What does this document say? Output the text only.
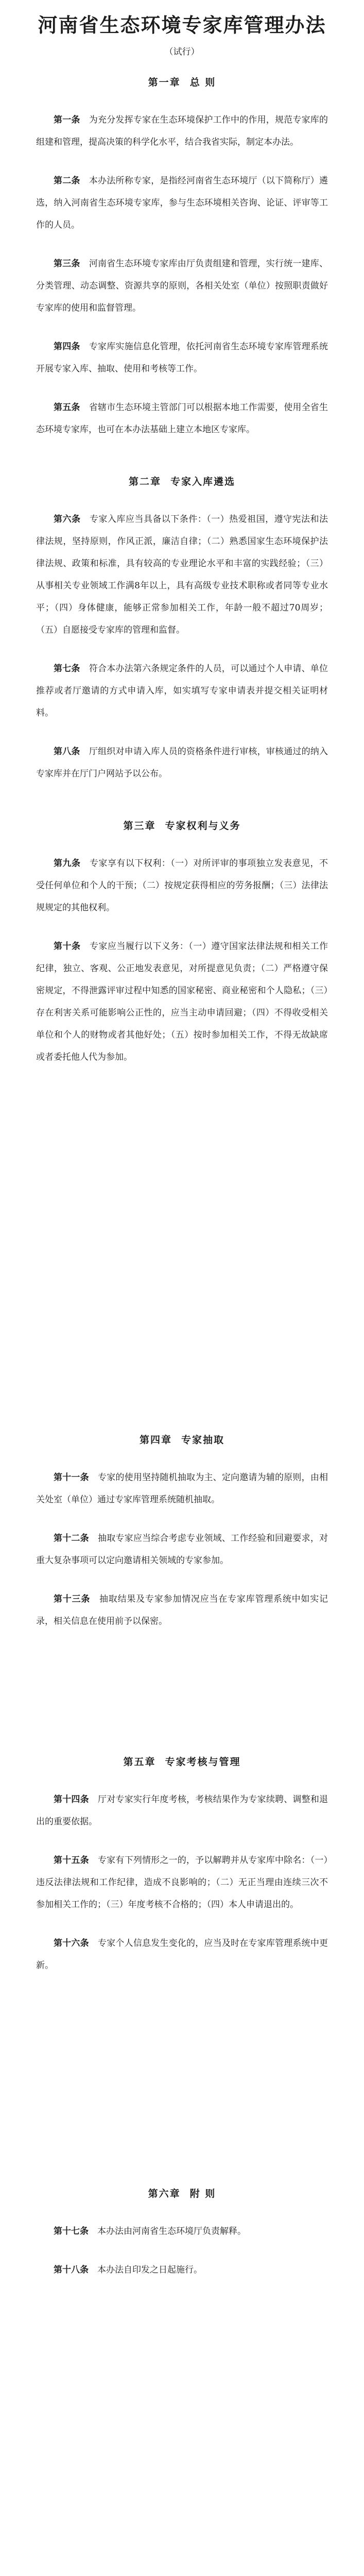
河南省生态环境专家库管理办法
（试行）
第一章 总 则

第一条　 为充分发挥专家在生态环境保护工作中的作用，规范专家库的组建和管理，提高决策的科学化水平，结合我省实际，制定本办法。

第二条　 本办法所称专家，是指经河南省生态环境厅（以下简称厅）遴选，纳入河南省生态环境专家库，参与生态环境相关咨询、论证、评审等工作的人员。

第三条　 河南省生态环境专家库由厅负责组建和管理，实行统一建库、分类管理、动态调整、资源共享的原则，各相关处室（单位）按照职责做好专家库的使用和监督管理。

第四条　 专家库实施信息化管理，依托河南省生态环境专家库管理系统开展专家入库、抽取、使用和考核等工作。

第五条　 省辖市生态环境主管部门可以根据本地工作需要，使用全省生态环境专家库，也可在本办法基础上建立本地区专家库。

第二章 专家入库遴选

第六条　 专家入库应当具备以下条件：（一）热爱祖国，遵守宪法和法律法规，坚持原则，作风正派，廉洁自律；（二）熟悉国家生态环境保护法律法规、政策和标准，具有较高的专业理论水平和丰富的实践经验；（三）从事相关专业领域工作满8年以上，具有高级专业技术职称或者同等专业水平；（四）身体健康，能够正常参加相关工作，年龄一般不超过70周岁；（五）自愿接受专家库的管理和监督。

第七条　 符合本办法第六条规定条件的人员，可以通过个人申请、单位推荐或者厅邀请的方式申请入库，如实填写专家申请表并提交相关证明材料。

第八条　 厅组织对申请入库人员的资格条件进行审核，审核通过的纳入专家库并在厅门户网站予以公布。

第三章 专家权利与义务

第九条　 专家享有以下权利：（一）对所评审的事项独立发表意见，不受任何单位和个人的干预；（二）按规定获得相应的劳务报酬；（三）法律法规规定的其他权利。

第十条　 专家应当履行以下义务：（一）遵守国家法律法规和相关工作纪律，独立、客观、公正地发表意见，对所提意见负责；（二）严格遵守保密规定，不得泄露评审过程中知悉的国家秘密、商业秘密和个人隐私；（三）存在利害关系可能影响公正性的，应当主动申请回避；（四）不得收受相关单位和个人的财物或者其他好处；（五）按时参加相关工作，不得无故缺席或者委托他人代为参加。

第四章 专家抽取

第十一条　 专家的使用坚持随机抽取为主、定向邀请为辅的原则，由相关处室（单位）通过专家库管理系统随机抽取。

第十二条　 抽取专家应当综合考虑专业领域、工作经验和回避要求，对重大复杂事项可以定向邀请相关领域的专家参加。

第十三条　 抽取结果及专家参加情况应当在专家库管理系统中如实记录，相关信息在使用前予以保密。

第五章 专家考核与管理

第十四条　 厅对专家实行年度考核，考核结果作为专家续聘、调整和退出的重要依据。

第十五条　 专家有下列情形之一的，予以解聘并从专家库中除名：（一）违反法律法规和工作纪律，造成不良影响的；（二）无正当理由连续三次不参加相关工作的；（三）年度考核不合格的；（四）本人申请退出的。

第十六条　 专家个人信息发生变化的，应当及时在专家库管理系统中更新。

第六章 附 则

第十七条　 本办法由河南省生态环境厅负责解释。

第十八条　 本办法自印发之日起施行。
